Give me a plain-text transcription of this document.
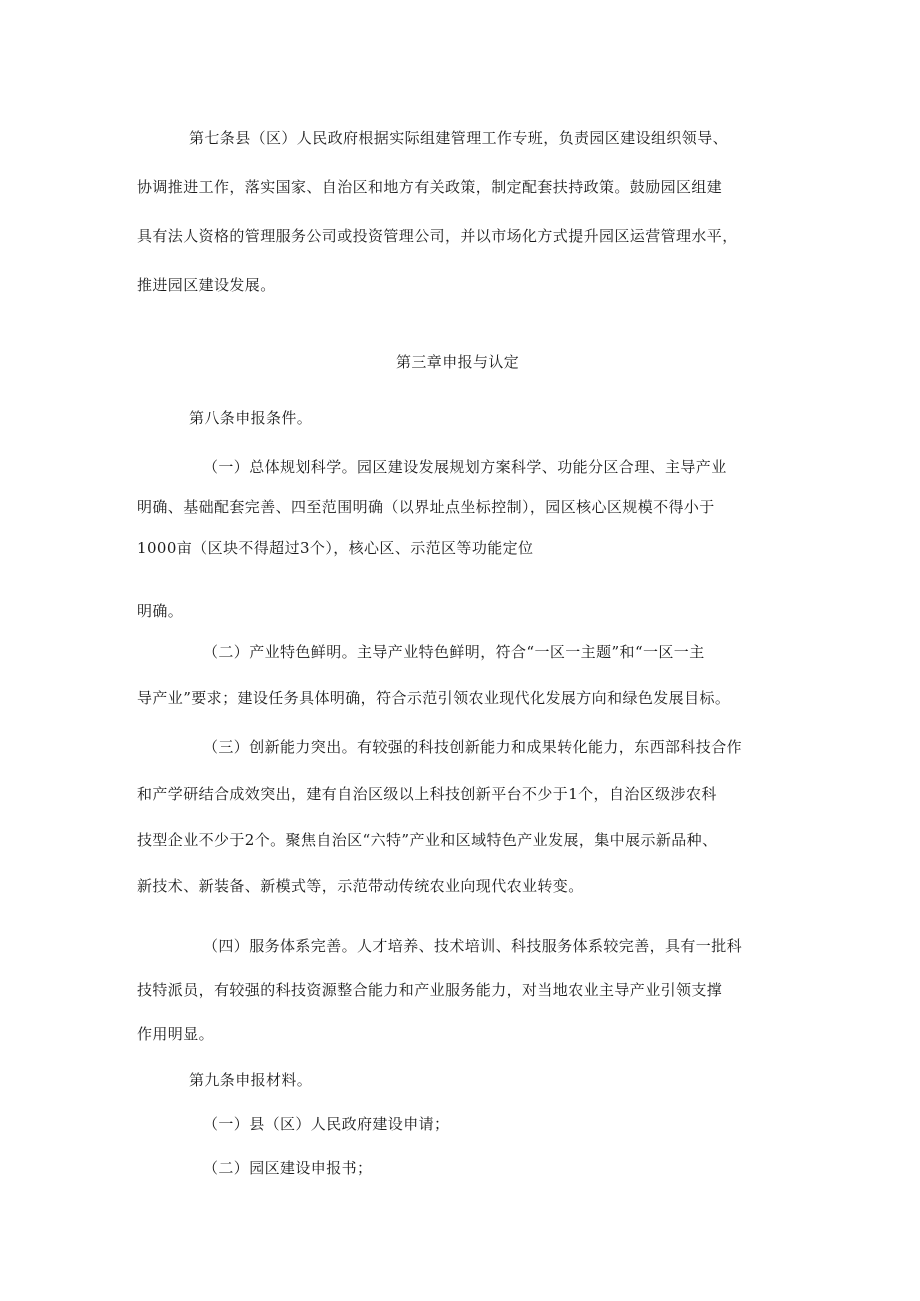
第七条县（区）人民政府根据实际组建管理工作专班，负责园区建设组织领导、
协调推进工作，落实国家、自治区和地方有关政策，制定配套扶持政策。鼓励园区组建
具有法人资格的管理服务公司或投资管理公司，并以市场化方式提升园区运营管理水平，
推进园区建设发展。
第三章申报与认定
第八条申报条件。
（一）总体规划科学。园区建设发展规划方案科学、功能分区合理、主导产业
明确、基础配套完善、四至范围明确（以界址点坐标控制），园区核心区规模不得小于
1000亩（区块不得超过3个），核心区、示范区等功能定位
明确。
（二）产业特色鲜明。主导产业特色鲜明，符合“一区一主题”和“一区一主
导产业”要求；建设任务具体明确，符合示范引领农业现代化发展方向和绿色发展目标。
（三）创新能力突出。有较强的科技创新能力和成果转化能力，东西部科技合作
和产学研结合成效突出，建有自治区级以上科技创新平台不少于1个，自治区级涉农科
技型企业不少于2个。聚焦自治区“六特”产业和区域特色产业发展，集中展示新品种、
新技术、新装备、新模式等，示范带动传统农业向现代农业转变。
（四）服务体系完善。人才培养、技术培训、科技服务体系较完善，具有一批科
技特派员，有较强的科技资源整合能力和产业服务能力，对当地农业主导产业引领支撑
作用明显。
第九条申报材料。
（一）县（区）人民政府建设申请；
（二）园区建设申报书；
